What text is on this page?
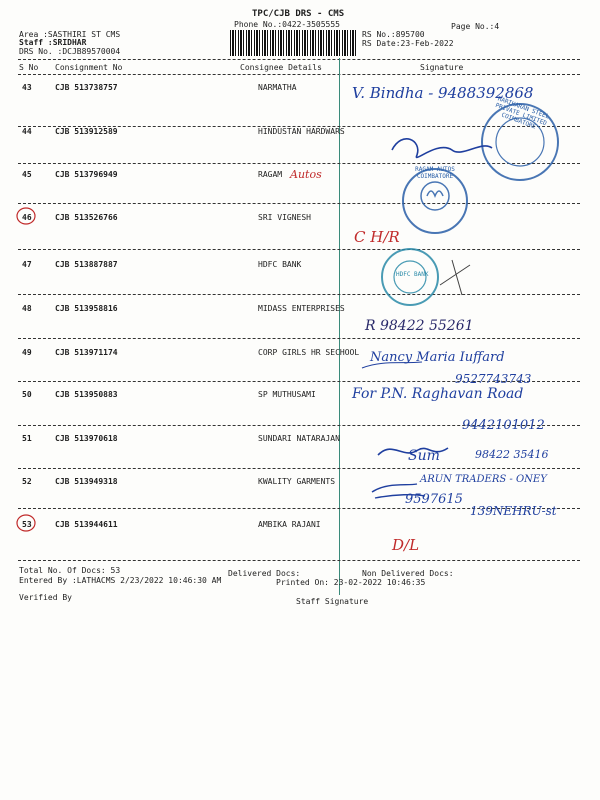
TPC/CJB DRS - CMS
Phone No.:0422-3505555	Page No.:4
Area :SASTHIRI ST CMS
Staff :SRIDHAR
DRS No. :DCJB89570004
RS No.:895700
RS Date:23-Feb-2022
S No Consignment No	Consignee Details	Signature
43	CJB 513738757	NARMATHA
44	CJB 513912589	HINDUSTAN HARDWARS
45	CJB 513796949	RAGAM
46	CJB 513526766	SRI VIGNESH
47	CJB 513887887	HDFC BANK
48	CJB 513958816	MIDASS ENTERPRISES
49	CJB 513971174	CORP GIRLS HR SECHOOL
50	CJB 513950883	SP MUTHUSAMI
51	CJB 513970618	SUNDARI NATARAJAN
52	CJB 513949318	KWALITY GARMENTS
53	CJB 513944611	AMBIKA RAJANI
HARIHARAN STEEL PRIVATE LIMITED COIMBATORE
RAGAM AUTOS COIMBATORE
HDFC BANK
V. Bindha - 9488392868
Autos
C H/R
R 98422 55261
Nancy Maria Iuffard
9527743743
For P.N. Raghavan Road
9442101012
Sum	98422 35416
ARUN TRADERS - ONEY
9597615
139NEHRU-st
D/L
Total No. Of Docs: 53	Delivered Docs:	Non Delivered Docs:
Entered By :LATHACMS 2/23/2022 10:46:30 AM	Printed On: 23-02-2022 10:46:35
Verified By	Staff Signature
